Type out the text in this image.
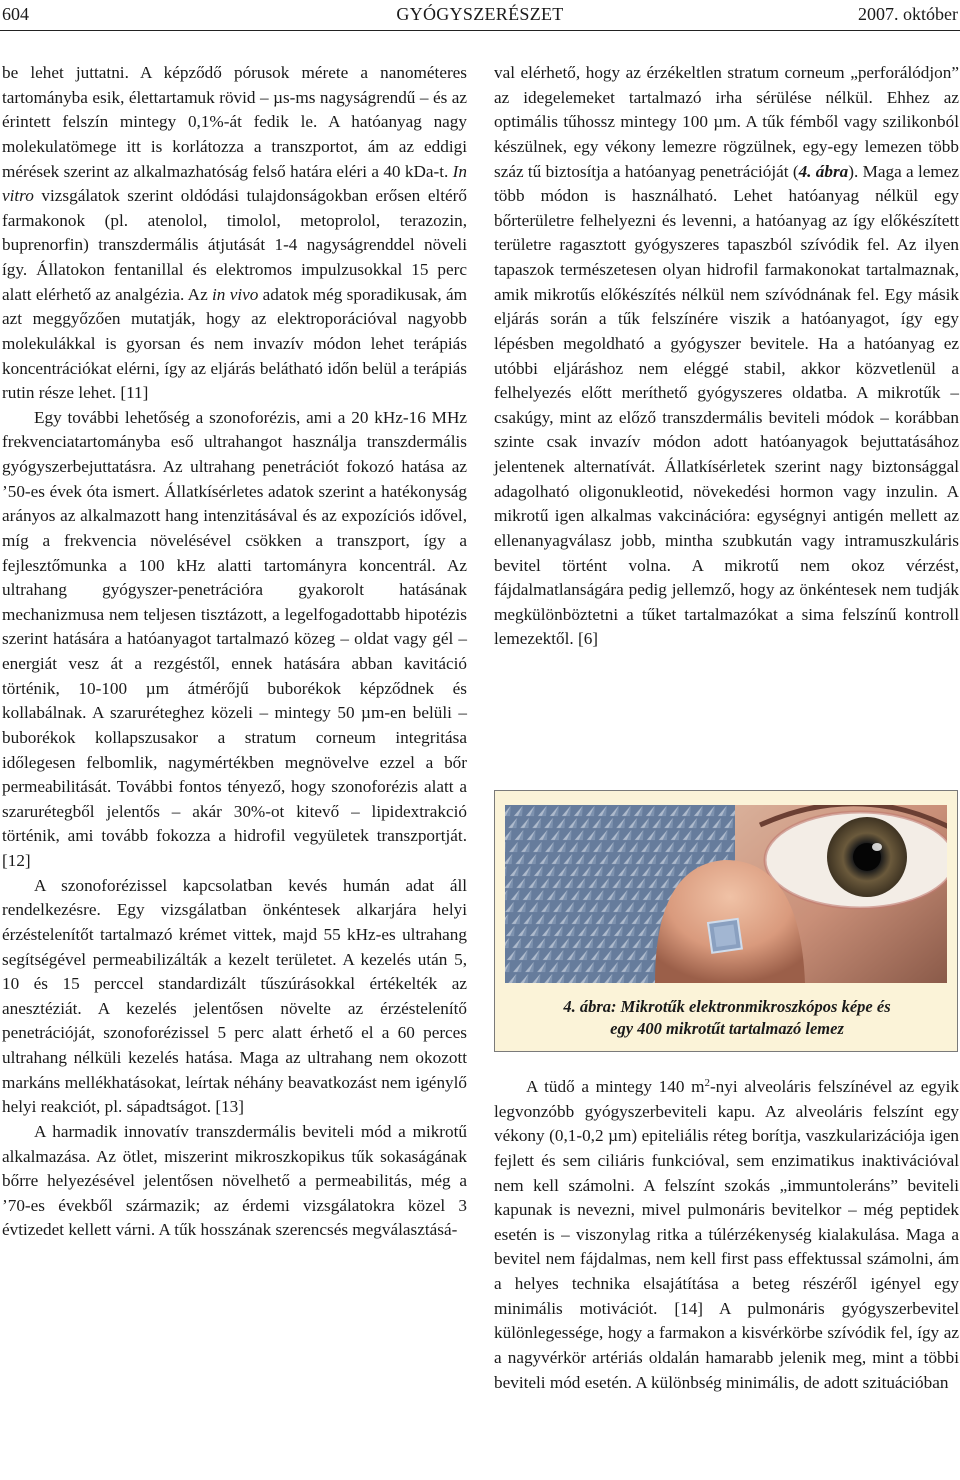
604	GYÓGYSZERÉSZET	2007. október

be lehet juttatni. A képződő pórusok mérete a nanométeres tartományba esik, élettartamuk rövid – µs-ms nagyságrendű – és az érintett felszín mintegy 0,1%-át fedik le. A hatóanyag nagy molekulatömege itt is korlátozza a transzportot, ám az eddigi mérések szerint az alkalmazhatóság felső határa eléri a 40 kDa-t. In vitro vizsgálatok szerint oldódási tulajdonságokban erősen eltérő farmakonok (pl. atenolol, timolol, metoprolol, terazozin, buprenorfin) transzdermális átjutását 1-4 nagyságrenddel növeli így. Állatokon fentanillal és elektromos impulzusokkal 15 perc alatt elérhető az analgézia. Az in vivo adatok még sporadikusak, ám azt meggyőzően mutatják, hogy az elektroporációval nagyobb molekulákkal is gyorsan és nem invazív módon lehet terápiás koncentrációkat elérni, így az eljárás belátható időn belül a terápiás rutin része lehet. [11]

Egy további lehetőség a szonoforézis, ami a 20 kHz-16 MHz frekvenciatartományba eső ultrahangot használja transzdermális gyógyszerbejuttatásra. Az ultrahang penetrációt fokozó hatása az ’50-es évek óta ismert. Állatkísérletes adatok szerint a hatékonyság arányos az alkalmazott hang intenzitásával és az expozíciós idővel, míg a frekvencia növelésével csökken a transzport, így a fejlesztőmunka a 100 kHz alatti tartományra koncentrál. Az ultrahang gyógyszer-penetrációra gyakorolt hatásának mechanizmusa nem teljesen tisztázott, a legelfogadottabb hipotézis szerint hatására a hatóanyagot tartalmazó közeg – oldat vagy gél – energiát vesz át a rezgéstől, ennek hatására abban kavitáció történik, 10-100 µm átmérőjű buborékok képződnek és kollabálnak. A szaruréteghez közeli – mintegy 50 µm-en belüli – buborékok kollapszusakor a stratum corneum integritása időlegesen felbomlik, nagymértékben megnövelve ezzel a bőr permeabilitását. További fontos tényező, hogy szonoforézis alatt a szarurétegből jelentős – akár 30%-ot kitevő – lipidextrakció történik, ami tovább fokozza a hidrofil vegyületek transzportját. [12]

A szonoforézissel kapcsolatban kevés humán adat áll rendelkezésre. Egy vizsgálatban önkéntesek alkarjára helyi érzéstelenítőt tartalmazó krémet vittek, majd 55 kHz-es ultrahang segítségével permeabilizálták a kezelt területet. A kezelés után 5, 10 és 15 perccel standardizált tűszúrásokkal értékelték az anesztéziát. A kezelés jelentősen növelte az érzéstelenítő penetrációját, szonoforézissel 5 perc alatt érhető el a 60 perces ultrahang nélküli kezelés hatása. Maga az ultrahang nem okozott markáns mellékhatásokat, leírtak néhány beavatkozást nem igénylő helyi reakciót, pl. sápadtságot. [13]

A harmadik innovatív transzdermális beviteli mód a mikrotű alkalmazása. Az ötlet, miszerint mikroszkopikus tűk sokaságának bőrre helyezésével jelentősen növelhető a permeabilitás, még a ’70-es évekből származik; az érdemi vizsgálatokra közel 3 évtizedet kellett várni. A tűk hosszának szerencsés megválasztásá-

val elérhető, hogy az érzékeltlen stratum corneum „perforálódjon” az idegelemeket tartalmazó irha sérülése nélkül. Ehhez az optimális tűhossz mintegy 100 µm. A tűk fémből vagy szilikonból készülnek, egy vékony lemezre rögzülnek, egy-egy lemezen több száz tű biztosítja a hatóanyag penetrációját (4. ábra). Maga a lemez több módon is használható. Lehet hatóanyag nélkül egy bőrterületre felhelyezni és levenni, a hatóanyag az így előkészített területre ragasztott gyógyszeres tapaszból szívódik fel. Az ilyen tapaszok természetesen olyan hidrofil farmakonokat tartalmaznak, amik mikrotűs előkészítés nélkül nem szívódnának fel. Egy másik eljárás során a tűk felszínére viszik a hatóanyagot, így egy lépésben megoldható a gyógyszer bevitele. Ha a hatóanyag ez utóbbi eljáráshoz nem eléggé stabil, akkor közvetlenül a felhelyezés előtt meríthető gyógyszeres oldatba. A mikrotűk – csakúgy, mint az előző transzdermális beviteli módok – korábban szinte csak invazív módon adott hatóanyagok bejuttatásához jelentenek alternatívát. Állatkísérletek szerint nagy biztonsággal adagolható oligonukleotid, növekedési hormon vagy inzulin. A mikrotű igen alkalmas vakcinációra: egységnyi antigén mellett az ellenanyagválasz jobb, mintha szubkután vagy intramuszkuláris bevitel történt volna. A mikrotű nem okoz vérzést, fájdalmatlanságára pedig jellemző, hogy az önkéntesek nem tudják megkülönböztetni a tűket tartalmazókat a sima felszínű kontroll lemezektől. [6]

4. ábra: Mikrotűk elektronmikroszkópos képe és
egy 400 mikrotűt tartalmazó lemez

A tüdő a mintegy 140 $m^2$-nyi alveoláris felszínével az egyik legvonzóbb gyógyszerbeviteli kapu. Az alveoláris felszínt egy vékony (0,1-0,2 µm) epiteliális réteg borítja, vaszkularizációja igen fejlett és sem ciliáris funkcióval, sem enzimatikus inaktivációval nem kell számolni. A felszínt szokás „immuntoleráns” beviteli kapunak is nevezni, mivel pulmonáris bevitelkor – még peptidek esetén is – viszonylag ritka a túlérzékenység kialakulása. Maga a bevitel nem fájdalmas, nem kell first pass effektussal számolni, ám a helyes technika elsajátítása a beteg részéről igényel egy minimális motivációt. [14] A pulmonáris gyógyszerbevitel különlegessége, hogy a farmakon a kisvérkörbe szívódik fel, így az a nagyvérkör artériás oldalán hamarabb jelenik meg, mint a többi beviteli mód esetén. A különbség minimális, de adott szituációban
